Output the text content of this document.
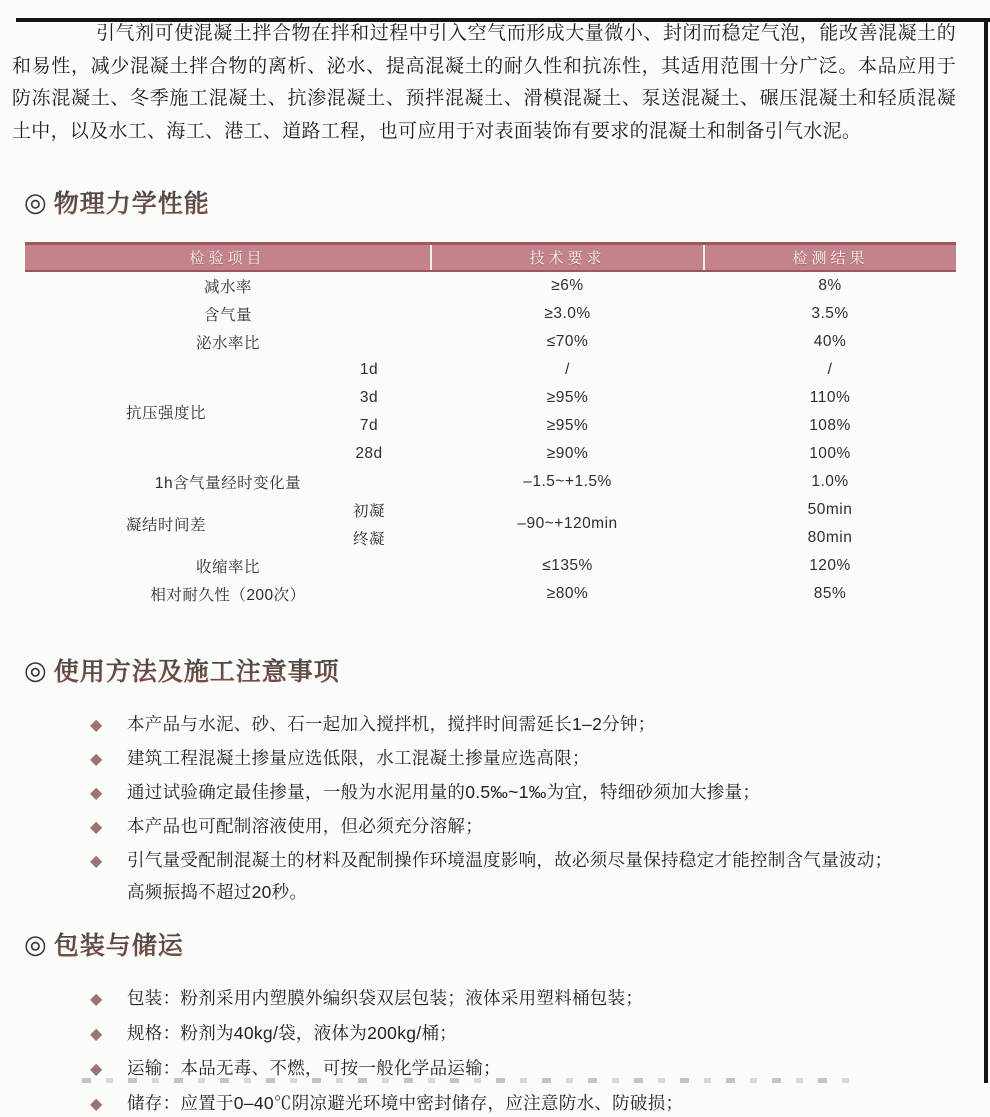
引气剂可使混凝土拌合物在拌和过程中引入空气而形成大量微小、封闭而稳定气泡，能改善混凝土的和易性，减少混凝土拌合物的离析、泌水、提高混凝土的耐久性和抗冻性，其适用范围十分广泛。本品应用于防冻混凝土、冬季施工混凝土、抗渗混凝土、预拌混凝土、滑模混凝土、泵送混凝土、碾压混凝土和轻质混凝土中，以及水工、海工、港工、道路工程，也可应用于对表面装饰有要求的混凝土和制备引气水泥。

◎ 物理力学性能
检验项目		技术要求	检测结果
减水率		≥6%	8%
含气量		≥3.0%	3.5%
泌水率比		≤70%	40%
抗压强度比	1d	/	/
	3d	≥95%	110%
	7d	≥95%	108%
	28d	≥90%	100%
1h含气量经时变化量		–1.5~+1.5%	1.0%
凝结时间差	初凝	–90~+120min	50min
	终凝		80min
收缩率比		≤135%	120%
相对耐久性（200次）		≥80%	85%
◎ 使用方法及施工注意事项
◆ 本产品与水泥、砂、石一起加入搅拌机，搅拌时间需延长1–2分钟；
◆ 建筑工程混凝土掺量应选低限，水工混凝土掺量应选高限；
◆ 通过试验确定最佳掺量，一般为水泥用量的0.5‰~1‰为宜，特细砂须加大掺量；
◆ 本产品也可配制溶液使用，但必须充分溶解；
◆ 引气量受配制混凝土的材料及配制操作环境温度影响，故必须尽量保持稳定才能控制含气量波动；
高频振捣不超过20秒。
◎ 包装与储运
◆ 包装：粉剂采用内塑膜外编织袋双层包装；液体采用塑料桶包装；
◆ 规格：粉剂为40kg/袋，液体为200kg/桶；
◆ 运输：本品无毒、不燃，可按一般化学品运输；
◆ 储存：应置于0–40℃阴凉避光环境中密封储存，应注意防水、防破损；
